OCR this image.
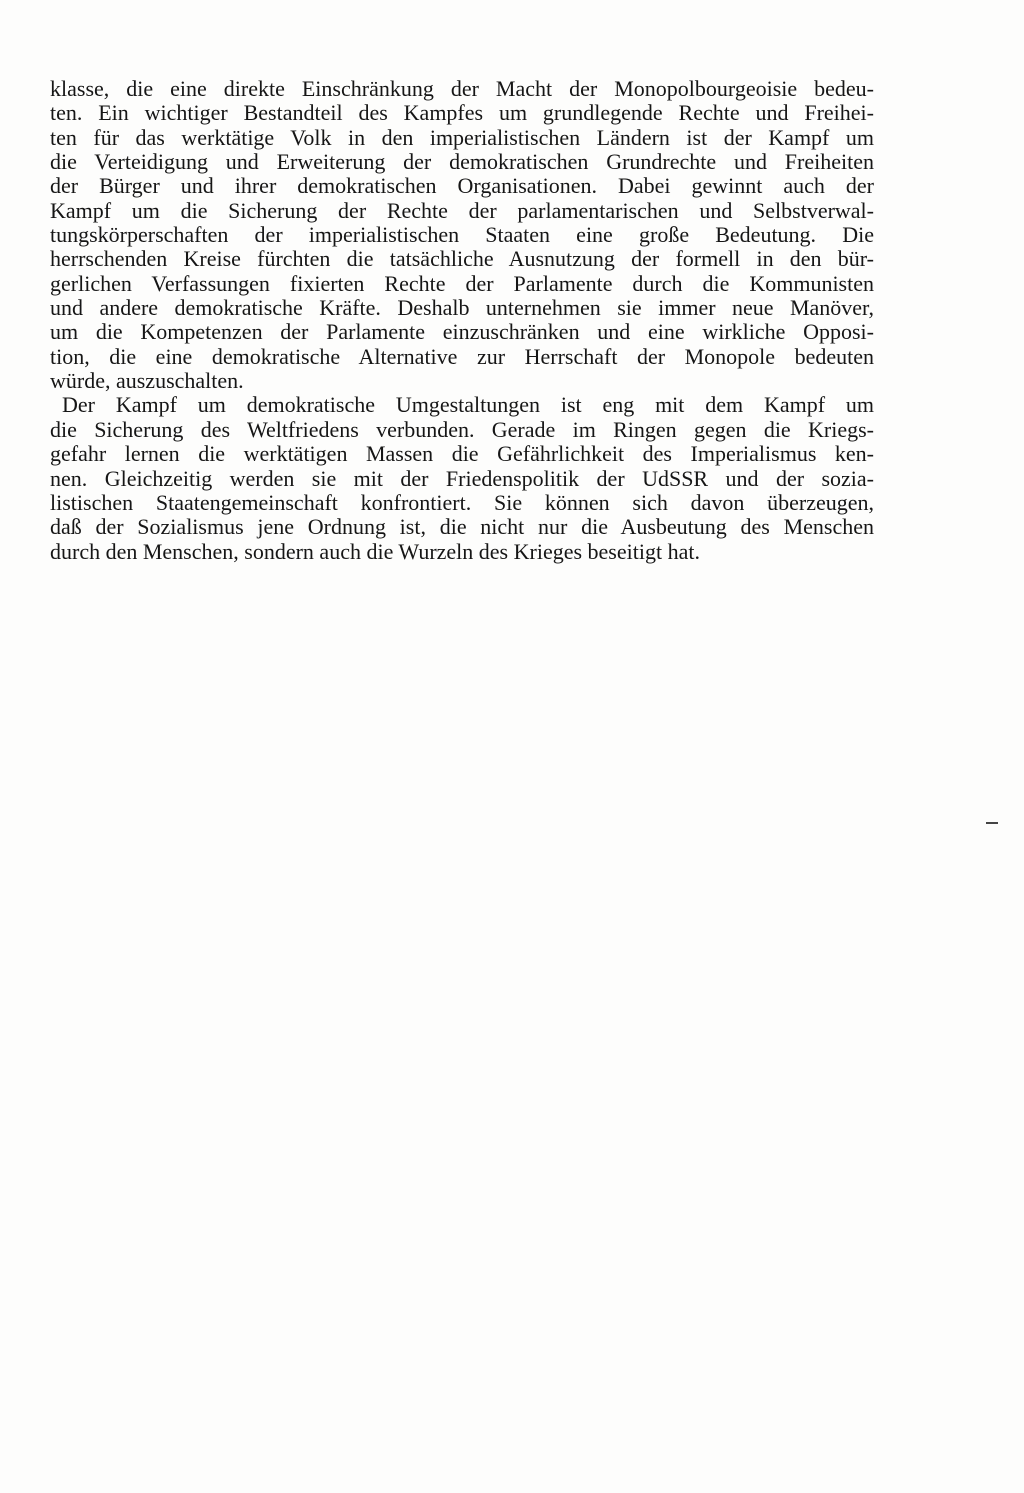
klasse, die eine direkte Einschränkung der Macht der Monopolbourgeoisie bedeu-
ten. Ein wichtiger Bestandteil des Kampfes um grundlegende Rechte und Freihei-
ten für das werktätige Volk in den imperialistischen Ländern ist der Kampf um
die Verteidigung und Erweiterung der demokratischen Grundrechte und Freiheiten
der Bürger und ihrer demokratischen Organisationen. Dabei gewinnt auch der
Kampf um die Sicherung der Rechte der parlamentarischen und Selbstverwal-
tungskörperschaften der imperialistischen Staaten eine große Bedeutung. Die
herrschenden Kreise fürchten die tatsächliche Ausnutzung der formell in den bür-
gerlichen Verfassungen fixierten Rechte der Parlamente durch die Kommunisten
und andere demokratische Kräfte. Deshalb unternehmen sie immer neue Manöver,
um die Kompetenzen der Parlamente einzuschränken und eine wirkliche Opposi-
tion, die eine demokratische Alternative zur Herrschaft der Monopole bedeuten
würde, auszuschalten.
Der Kampf um demokratische Umgestaltungen ist eng mit dem Kampf um
die Sicherung des Weltfriedens verbunden. Gerade im Ringen gegen die Kriegs-
gefahr lernen die werktätigen Massen die Gefährlichkeit des Imperialismus ken-
nen. Gleichzeitig werden sie mit der Friedenspolitik der UdSSR und der sozia-
listischen Staatengemeinschaft konfrontiert. Sie können sich davon überzeugen,
daß der Sozialismus jene Ordnung ist, die nicht nur die Ausbeutung des Menschen
durch den Menschen, sondern auch die Wurzeln des Krieges beseitigt hat.
